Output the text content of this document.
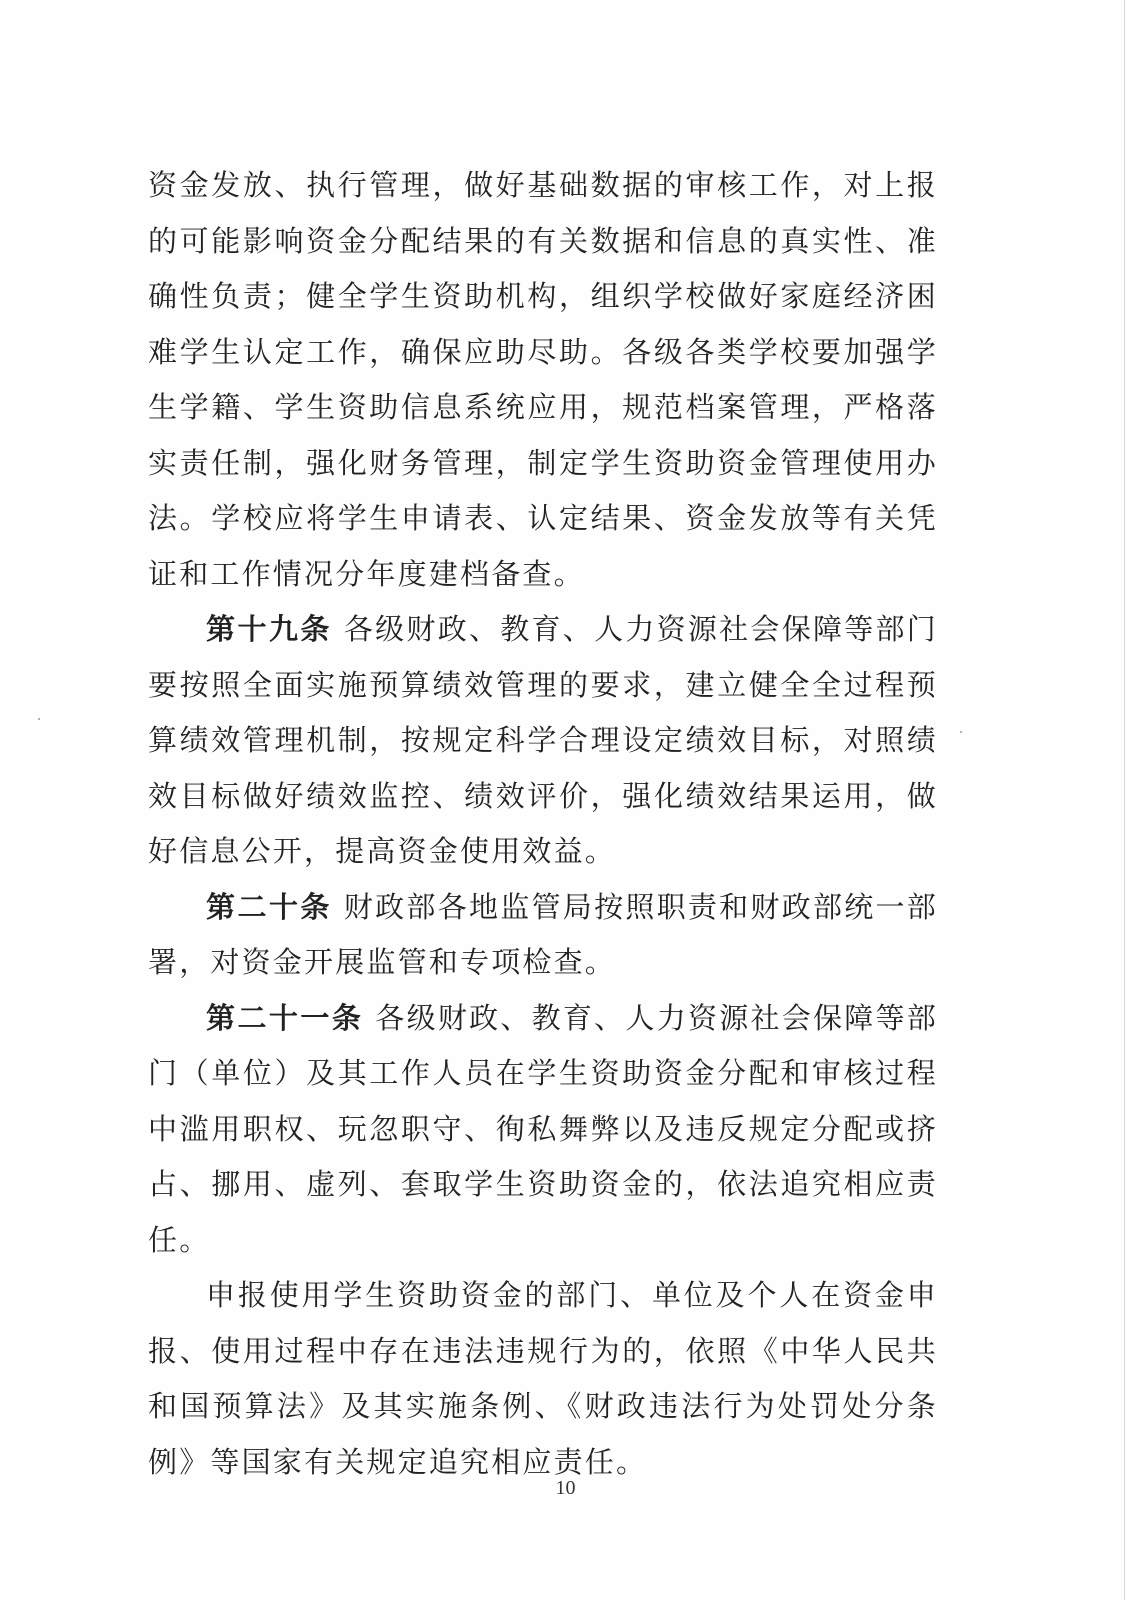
资金发放、执行管理，做好基础数据的审核工作，对上报的可能影响资金分配结果的有关数据和信息的真实性、准确性负责；健全学生资助机构，组织学校做好家庭经济困难学生认定工作，确保应助尽助。各级各类学校要加强学生学籍、学生资助信息系统应用，规范档案管理，严格落实责任制，强化财务管理，制定学生资助资金管理使用办法。学校应将学生申请表、认定结果、资金发放等有关凭证和工作情况分年度建档备查。

第十九条 各级财政、教育、人力资源社会保障等部门要按照全面实施预算绩效管理的要求，建立健全全过程预算绩效管理机制，按规定科学合理设定绩效目标，对照绩效目标做好绩效监控、绩效评价，强化绩效结果运用，做好信息公开，提高资金使用效益。

第二十条 财政部各地监管局按照职责和财政部统一部署，对资金开展监管和专项检查。

第二十一条 各级财政、教育、人力资源社会保障等部门（单位）及其工作人员在学生资助资金分配和审核过程中滥用职权、玩忽职守、徇私舞弊以及违反规定分配或挤占、挪用、虚列、套取学生资助资金的，依法追究相应责任。

申报使用学生资助资金的部门、单位及个人在资金申报、使用过程中存在违法违规行为的，依照《中华人民共和国预算法》及其实施条例、《财政违法行为处罚处分条例》等国家有关规定追究相应责任。

10
